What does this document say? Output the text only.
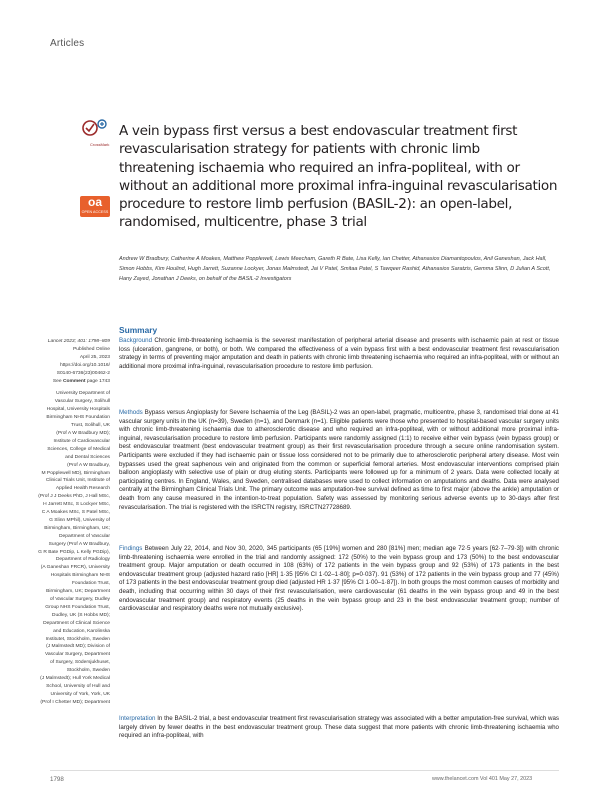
Articles
CrossMark
oa
OPEN ACCESS
A vein bypass first versus a best endovascular treatment first revascularisation strategy for patients with chronic limb threatening ischaemia who required an infra-popliteal, with or without an additional more proximal infra-inguinal revascularisation procedure to restore limb perfusion (BASIL-2): an open-label, randomised, multicentre, phase 3 trial
Andrew W Bradbury, Catherine A Moakes, Matthew Popplewell, Lewis Meecham, Gareth R Bate, Lisa Kelly, Ian Chetter, Athanasios Diamantopoulos, Anil Ganeshan, Jack Hall, Simon Hobbs, Kim Houlind, Hugh Jarrett, Suzanne Lockyer, Jonas Malmstedt, Jai V Patel, Smitaa Patel, S Tawqeer Rashid, Athanasios Saratzis, Gemma Slinn, D Julian A Scott, Hany Zayed, Jonathan J Deeks, on behalf of the BASIL-2 Investigators
Summary
Lancet 2023; 401: 1798–809
Published Online
April 25, 2023
https://doi.org/10.1016/
S0140-6736(23)00462-2
See Comment page 1743
University Department of
Vascular Surgery, Solihull
Hospital, University Hospitals
Birmingham NHS Foundation
Trust, Solihull, UK
(Prof A W Bradbury MD);
Institute of Cardiovascular
Sciences, College of Medical
and Dental Sciences
(Prof A W Bradbury,
M Popplewell MD), Birmingham
Clinical Trials Unit, Institute of
Applied Health Research
(Prof J J Deeks PhD, J Hall MSc,
H Jarrett MSc, S Lockyer MSc,
C A Moakes MSc, S Patel MSc,
G Slinn MPhil), University of
Birmingham, Birmingham, UK;
Department of Vascular
Surgery (Prof A W Bradbury,
G R Bate PGDip, L Kelly PGDip),
Department of Radiology
(A Ganeshan FRCR), University
Hospitals Birmingham NHS
Foundation Trust,
Birmingham, UK; Department
of Vascular Surgery, Dudley
Group NHS Foundation Trust,
Dudley, UK (S Hobbs MD);
Department of Clinical Science
and Education, Karolinska
Institutet, Stockholm, Sweden
(J Malmstedt MD); Division of
Vascular Surgery, Department
of Surgery, Södersjukhuset,
Stockholm, Sweden
(J Malmstedt); Hull York Medical
School, University of Hull and
University of York, York, UK
(Prof I Chetter MD); Department

Background Chronic limb-threatening ischaemia is the severest manifestation of peripheral arterial disease and presents with ischaemic pain at rest or tissue loss (ulceration, gangrene, or both), or both. We compared the effectiveness of a vein bypass first with a best endovascular treatment first revascularisation strategy in terms of preventing major amputation and death in patients with chronic limb threatening ischaemia who required an infra-popliteal, with or without an additional more proximal infra-inguinal, revascularisation procedure to restore limb perfusion.

Methods Bypass versus Angioplasty for Severe Ischaemia of the Leg (BASIL)-2 was an open-label, pragmatic, multicentre, phase 3, randomised trial done at 41 vascular surgery units in the UK (n=39), Sweden (n=1), and Denmark (n=1). Eligible patients were those who presented to hospital-based vascular surgery units with chronic limb-threatening ischaemia due to atherosclerotic disease and who required an infra-popliteal, with or without additional more proximal infra-inguinal, revascularisation procedure to restore limb perfusion. Participants were randomly assigned (1:1) to receive either vein bypass (vein bypass group) or best endovascular treatment (best endovascular treatment group) as their first revascularisation procedure through a secure online randomisation system. Participants were excluded if they had ischaemic pain or tissue loss considered not to be primarily due to atherosclerotic peripheral artery disease. Most vein bypasses used the great saphenous vein and originated from the common or superficial femoral arteries. Most endovascular interventions comprised plain balloon angioplasty with selective use of plain or drug eluting stents. Participants were followed up for a minimum of 2 years. Data were collected locally at participating centres. In England, Wales, and Sweden, centralised databases were used to collect information on amputations and deaths. Data were analysed centrally at the Birmingham Clinical Trials Unit. The primary outcome was amputation-free survival defined as time to first major (above the ankle) amputation or death from any cause measured in the intention-to-treat population. Safety was assessed by monitoring serious adverse events up to 30-days after first revascularisation. The trial is registered with the ISRCTN registry, ISRCTN27728689.

Findings Between July 22, 2014, and Nov 30, 2020, 345 participants (65 [19%] women and 280 [81%] men; median age 72·5 years [62·7–79·3]) with chronic limb-threatening ischaemia were enrolled in the trial and randomly assigned: 172 (50%) to the vein bypass group and 173 (50%) to the best endovascular treatment group. Major amputation or death occurred in 108 (63%) of 172 patients in the vein bypass group and 92 (53%) of 173 patients in the best endovascular treatment group (adjusted hazard ratio [HR] 1·35 [95% CI 1·02–1·80]; p=0·037). 91 (53%) of 172 patients in the vein bypass group and 77 (45%) of 173 patients in the best endovascular treatment group died (adjusted HR 1·37 [95% CI 1·00–1·87]). In both groups the most common causes of morbidity and death, including that occurring within 30 days of their first revascularisation, were cardiovascular (61 deaths in the vein bypass group and 49 in the best endovascular treatment group) and respiratory events (25 deaths in the vein bypass group and 23 in the best endovascular treatment group; number of cardiovascular and respiratory deaths were not mutually exclusive).

Interpretation In the BASIL-2 trial, a best endovascular treatment first revascularisation strategy was associated with a better amputation-free survival, which was largely driven by fewer deaths in the best endovascular treatment group. These data suggest that more patients with chronic limb-threatening ischaemia who required an infra-popliteal, with

1798	www.thelancet.com Vol 401 May 27, 2023
